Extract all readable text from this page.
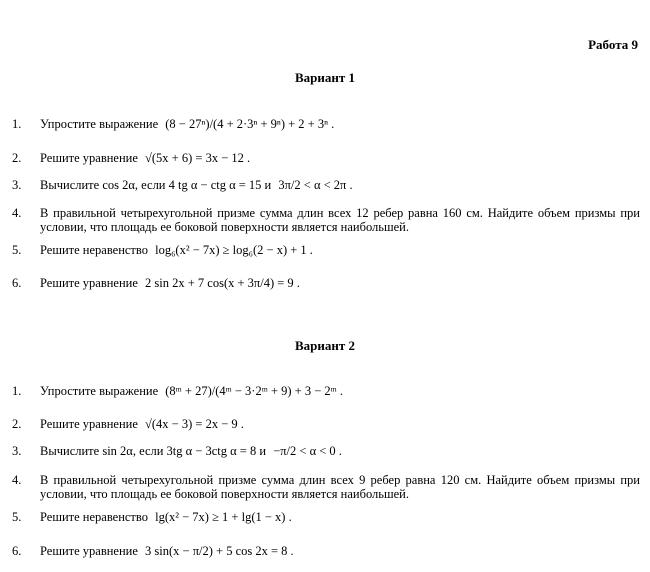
Работа 9
Вариант 1
1. Упростите выражение (8 − 27ⁿ)/(4 + 2·3ⁿ + 9ⁿ) + 2 + 3ⁿ .
2. Решите уравнение √(5x + 6) = 3x − 12 .
3. Вычислите cos 2α, если 4 tg α − ctg α = 15 и 3π/2 < α < 2π .
4. В правильной четырехугольной призме сумма длин всех 12 ребер равна 160 см. Найдите объем призмы при условии, что площадь ее боковой поверхности является наибольшей.
5. Решите неравенство log₆(x² − 7x) ≥ log₆(2 − x) + 1 .
6. Решите уравнение 2 sin 2x + 7 cos(x + 3π/4) = 9 .
Вариант 2
1. Упростите выражение (8ᵐ + 27)/(4ᵐ − 3·2ᵐ + 9) + 3 − 2ᵐ .
2. Решите уравнение √(4x − 3) = 2x − 9 .
3. Вычислите sin 2α, если 3tg α − 3ctg α = 8 и −π/2 < α < 0 .
4. В правильной четырехугольной призме сумма длин всех 9 ребер равна 120 см. Найдите объем призмы при условии, что площадь ее боковой поверхности является наибольшей.
5. Решите неравенство lg(x² − 7x) ≥ 1 + lg(1 − x) .
6. Решите уравнение 3 sin(x − π/2) + 5 cos 2x = 8 .
